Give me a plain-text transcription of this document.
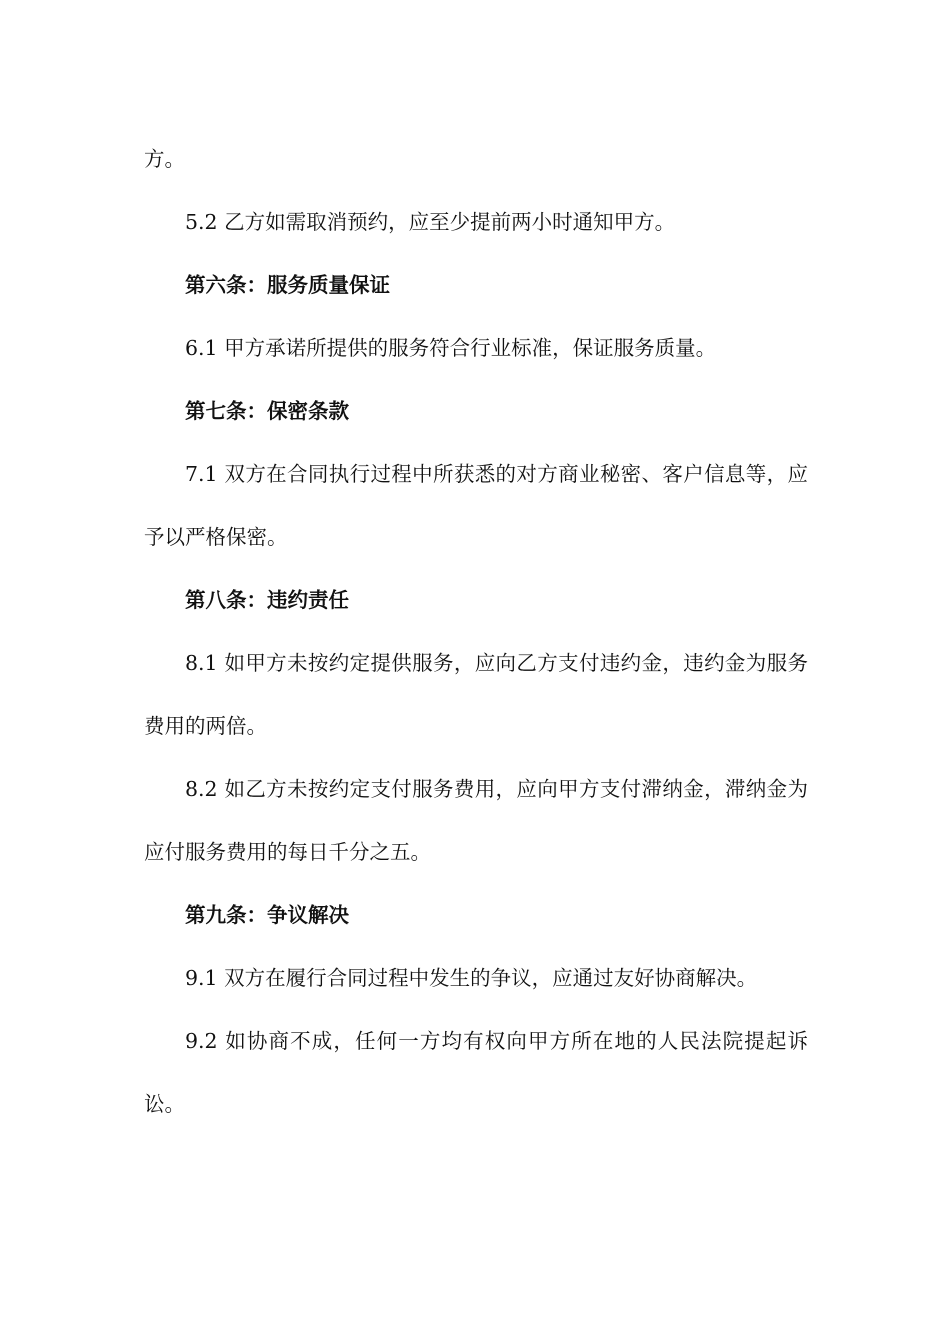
方。

5.2 乙方如需取消预约，应至少提前两小时通知甲方。

第六条：服务质量保证

6.1 甲方承诺所提供的服务符合行业标准，保证服务质量。

第七条：保密条款

7.1 双方在合同执行过程中所获悉的对方商业秘密、客户信息等，应予以严格保密。

第八条：违约责任

8.1 如甲方未按约定提供服务，应向乙方支付违约金，违约金为服务费用的两倍。

8.2 如乙方未按约定支付服务费用，应向甲方支付滞纳金，滞纳金为应付服务费用的每日千分之五。

第九条：争议解决

9.1 双方在履行合同过程中发生的争议，应通过友好协商解决。

9.2 如协商不成，任何一方均有权向甲方所在地的人民法院提起诉讼。
